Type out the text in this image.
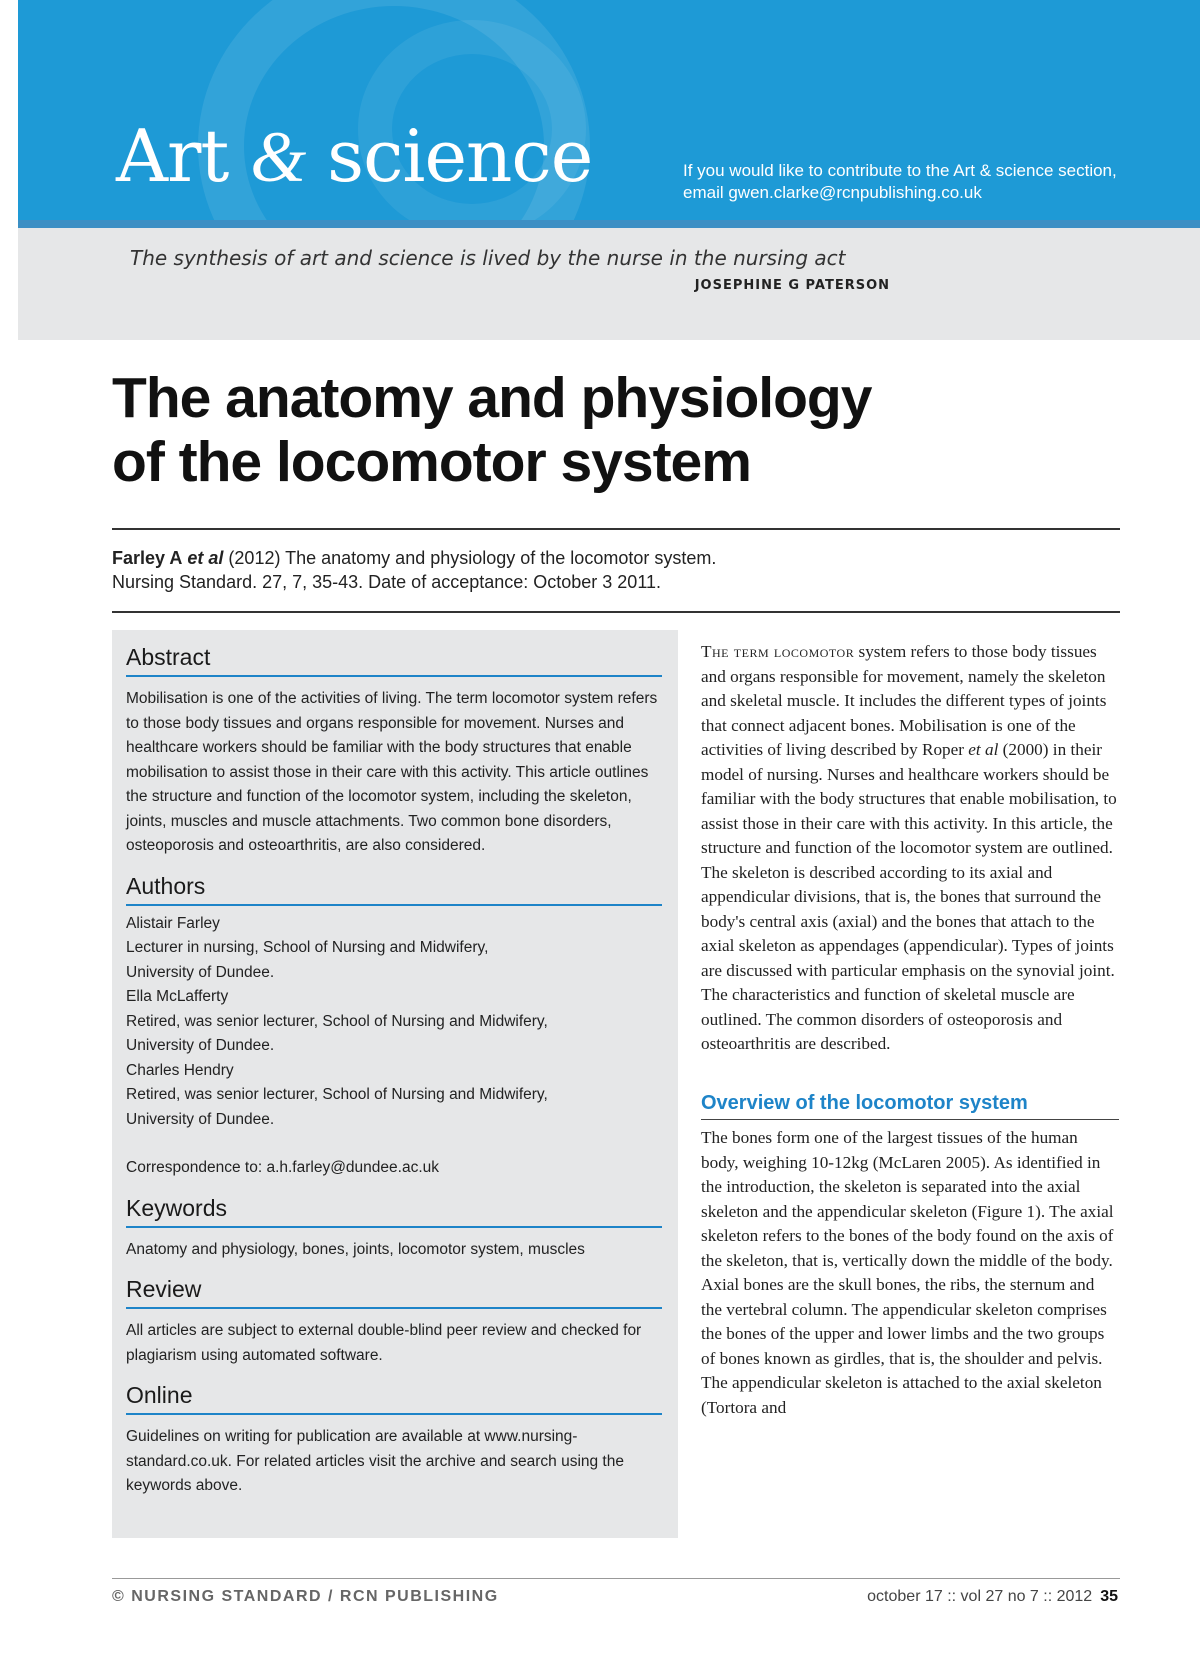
Art & science	If you would like to contribute to the Art & science section, email gwen.clarke@rcnpublishing.co.uk

The synthesis of art and science is lived by the nurse in the nursing act

JOSEPHINE G PATERSON
The anatomy and physiology
of the locomotor system
Farley A et al (2012) The anatomy and physiology of the locomotor system.
Nursing Standard. 27, 7, 35-43. Date of acceptance: October 3 2011.
Abstract

Mobilisation is one of the activities of living. The term locomotor system refers to those body tissues and organs responsible for movement. Nurses and healthcare workers should be familiar with the body structures that enable mobilisation to assist those in their care with this activity. This article outlines the structure and function of the locomotor system, including the skeleton, joints, muscles and muscle attachments. Two common bone disorders, osteoporosis and osteoarthritis, are also considered.

Authors
Alistair Farley
Lecturer in nursing, School of Nursing and Midwifery,
University of Dundee.
Ella McLafferty
Retired, was senior lecturer, School of Nursing and Midwifery,
University of Dundee.
Charles Hendry
Retired, was senior lecturer, School of Nursing and Midwifery,
University of Dundee.
Correspondence to: a.h.farley@dundee.ac.uk
Keywords

Anatomy and physiology, bones, joints, locomotor system, muscles

Review

All articles are subject to external double-blind peer review and checked for plagiarism using automated software.

Online

Guidelines on writing for publication are available at www.nursing-standard.co.uk. For related articles visit the archive and search using the keywords above.

The term locomotor system refers to those body tissues and organs responsible for movement, namely the skeleton and skeletal muscle. It includes the different types of joints that connect adjacent bones. Mobilisation is one of the activities of living described by Roper et al (2000) in their model of nursing. Nurses and healthcare workers should be familiar with the body structures that enable mobilisation, to assist those in their care with this activity. In this article, the structure and function of the locomotor system are outlined. The skeleton is described according to its axial and appendicular divisions, that is, the bones that surround the body's central axis (axial) and the bones that attach to the axial skeleton as appendages (appendicular). Types of joints are discussed with particular emphasis on the synovial joint. The characteristics and function of skeletal muscle are outlined. The common disorders of osteoporosis and osteoarthritis are described.

Overview of the locomotor system

The bones form one of the largest tissues of the human body, weighing 10-12kg (McLaren 2005). As identified in the introduction, the skeleton is separated into the axial skeleton and the appendicular skeleton (Figure 1). The axial skeleton refers to the bones of the body found on the axis of the skeleton, that is, vertically down the middle of the body. Axial bones are the skull bones, the ribs, the sternum and the vertebral column. The appendicular skeleton comprises the bones of the upper and lower limbs and the two groups of bones known as girdles, that is, the shoulder and pelvis. The appendicular skeleton is attached to the axial skeleton (Tortora and

© NURSING STANDARD / RCN PUBLISHING	october 17 :: vol 27 no 7 :: 2012 35
